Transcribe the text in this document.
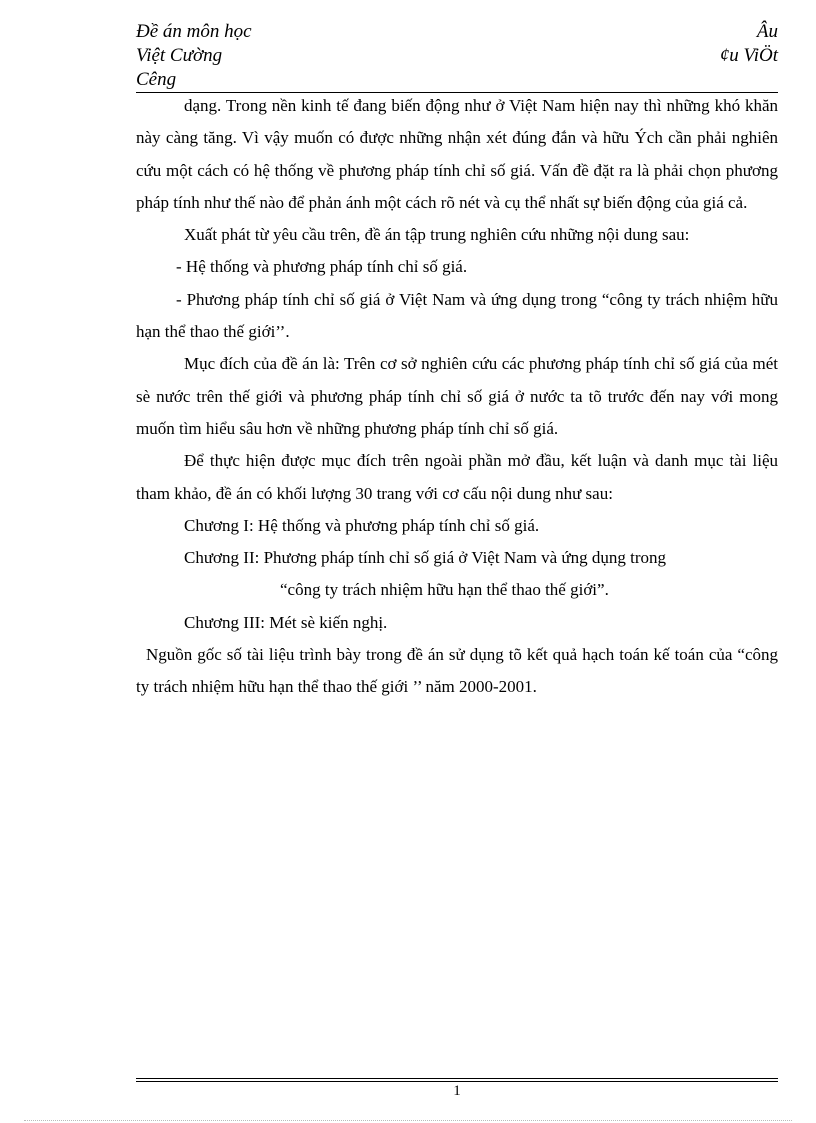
Đề án môn học
Việt Cường
Cêng
Âu
¢u ViÖt

dạng. Trong nền kinh tế đang biến động như ở Việt Nam hiện nay thì những khó khăn này càng tăng. Vì vậy muốn có được những nhận xét đúng đắn và hữu Ých cần phải nghiên cứu một cách có hệ thống về phương pháp tính chỉ số giá. Vấn đề đặt ra là phải chọn phương pháp tính như thế nào để phản ánh một cách rõ nét và cụ thể nhất sự biến động của giá cả.

Xuất phát từ yêu cầu trên, đề án tập trung nghiên cứu những nội dung sau:

- Hệ thống và phương pháp tính chỉ số giá.

- Phương pháp tính chỉ số giá ở Việt Nam và ứng dụng trong “công ty trách nhiệm hữu hạn thể thao thế giới’’.

Mục đích của đề án là: Trên cơ sở nghiên cứu các phương pháp tính chỉ số giá của mét sè nước trên thế giới và phương pháp tính chỉ số giá ở nước ta tõ trước đến nay với mong muốn tìm hiểu sâu hơn về những phương pháp tính chỉ số giá.

Để thực hiện được mục đích trên ngoài phần mở đầu, kết luận và danh mục tài liệu tham khảo, đề án có khối lượng 30 trang với cơ cấu nội dung như sau:

Chương I: Hệ thống và phương pháp tính chỉ số giá.

Chương II: Phương pháp tính chỉ số giá ở Việt Nam và ứng dụng trong

“công ty trách nhiệm hữu hạn thể thao thế giới”.

Chương III: Mét sè kiến nghị.

Nguồn gốc số tài liệu trình bày trong đề án sử dụng tõ kết quả hạch toán kế toán của “công ty trách nhiệm hữu hạn thể thao thế giới ’’ năm 2000-2001.

1
